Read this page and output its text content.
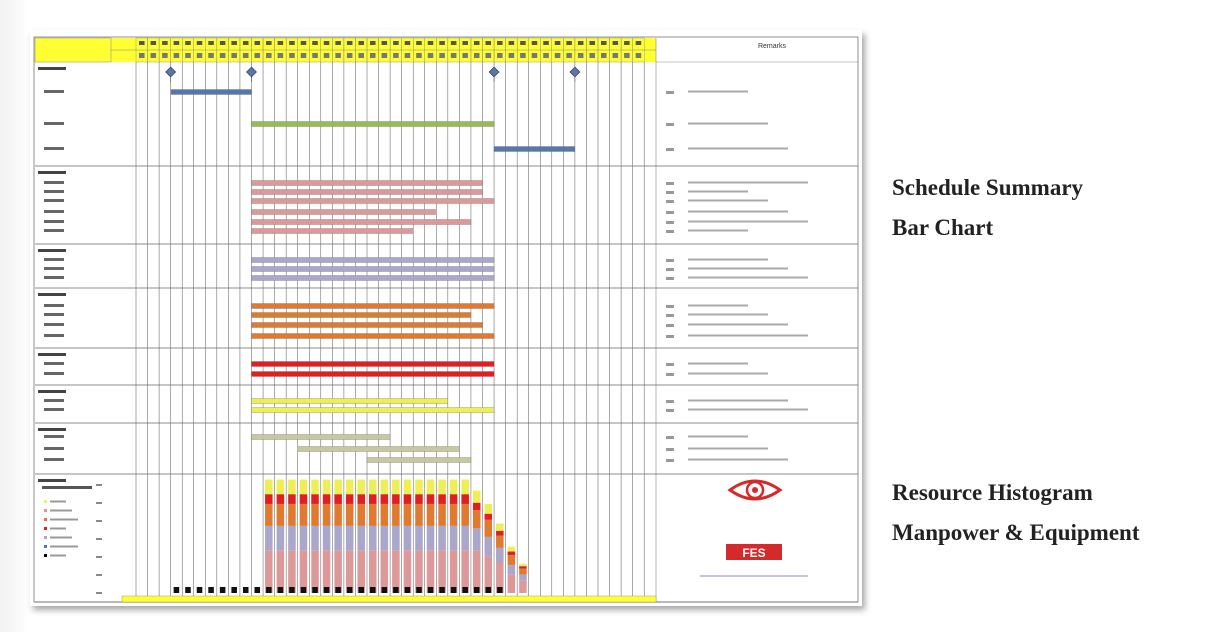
Remarks
FES
Schedule Summary
Bar Chart
Resource Histogram
Manpower & Equipment
